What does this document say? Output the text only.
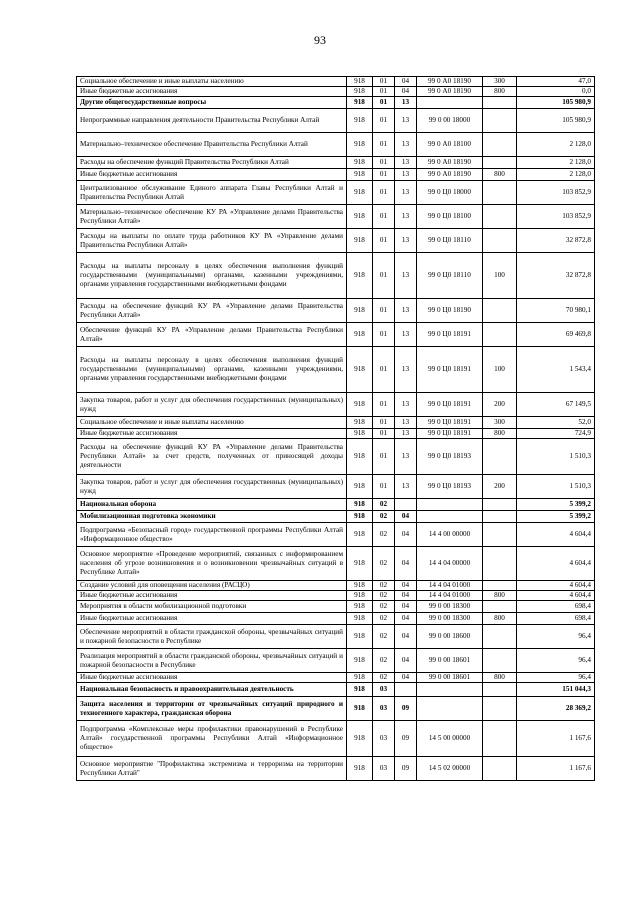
93
Социальное обеспечение и иные выплаты населению	918	01	04	99 0 А0 18190	300	47,0
Иные бюджетные ассигнования	918	01	04	99 0 А0 18190	800	0,0
Другие общегосударственные вопросы	918	01	13			105 980,9
Непрограммные направления деятельности Правительства Республики Алтай	918	01	13	99 0 00 18000		105 980,9
Материально–техническое обеспечение Правительства Республики Алтай	918	01	13	99 0 А0 18100		2 128,0
Расходы на обеспечение функций Правительства Республики Алтай	918	01	13	99 0 А0 18190		2 128,0
Иные бюджетные ассигнования	918	01	13	99 0 А0 18190	800	2 128,0
Централизованное обслуживание Единого аппарата Главы Республики Алтай и Правительства Республики Алтай	918	01	13	99 0 Ц0 18000		103 852,9
Материально–техническое обеспечение КУ РА «Управление делами Правительства Республики Алтай»	918	01	13	99 0 Ц0 18100		103 852,9
Расходы на выплаты по оплате труда работников КУ РА «Управление делами Правительства Республики Алтай»	918	01	13	99 0 Ц0 18110		32 872,8
Расходы на выплаты персоналу в целях обеспечения выполнения функций государственными (муниципальными) органами, казенными учреждениями, органами управления государственными внебюджетными фондами	918	01	13	99 0 Ц0 18110	100	32 872,8
Расходы на обеспечение функций КУ РА «Управление делами Правительства Республики Алтай»	918	01	13	99 0 Ц0 18190		70 980,1
Обеспечение функций КУ РА «Управление делами Правительства Республики Алтай»	918	01	13	99 0 Ц0 18191		69 469,8
Расходы на выплаты персоналу в целях обеспечения выполнения функций государственными (муниципальными) органами, казенными учреждениями, органами управления государственными внебюджетными фондами	918	01	13	99 0 Ц0 18191	100	1 543,4
Закупка товаров, работ и услуг для обеспечения государственных (муниципальных) нужд	918	01	13	99 0 Ц0 18191	200	67 149,5
Социальное обеспечение и иные выплаты населению	918	01	13	99 0 Ц0 18191	300	52,0
Иные бюджетные ассигнования	918	01	13	99 0 Ц0 18191	800	724,9
Расходы на обеспечение функций КУ РА «Управление делами Правительства Республики Алтай» за счет средств, полученных от приносящей доходы деятельности	918	01	13	99 0 Ц0 18193		1 510,3
Закупка товаров, работ и услуг для обеспечения государственных (муниципальных) нужд	918	01	13	99 0 Ц0 18193	200	1 510,3
Национальная оборона	918	02				5 399,2
Мобилизационная подготовка экономики	918	02	04			5 399,2
Подпрограмма «Безопасный город» государственной программы Республики Алтай «Информационное общество»	918	02	04	14 4 00 00000		4 604,4
Основное мероприятие «Проведение мероприятий, связанных с информированием населения об угрозе возникновения и о возникновении чрезвычайных ситуаций в Республике Алтай»	918	02	04	14 4 04 00000		4 604,4
Создание условий для оповещения населения (РАСЦО)	918	02	04	14 4 04 01000		4 604,4
Иные бюджетные ассигнования	918	02	04	14 4 04 01000	800	4 604,4
Мероприятия в области мобилизационной подготовки	918	02	04	99 0 00 18300		698,4
Иные бюджетные ассигнования	918	02	04	99 0 00 18300	800	698,4
Обеспечение мероприятий в области гражданской обороны, чрезвычайных ситуаций и пожарной безопасности в Республике	918	02	04	99 0 00 18600		96,4
Реализация мероприятий в области гражданской обороны, чрезвычайных ситуаций и пожарной безопасности в Республике	918	02	04	99 0 00 18601		96,4
Иные бюджетные ассигнования	918	02	04	99 0 00 18601	800	96,4
Национальная безопасность и правоохранительная деятельность	918	03				151 044,3
Защита населения и территории от чрезвычайных ситуаций природного и техногенного характера, гражданская оборона	918	03	09			28 369,2
Подпрограмма «Комплексные меры профилактики правонарушений в Республике Алтай» государственной программы Республики Алтай «Информационное общество»	918	03	09	14 5 00 00000		1 167,6
Основное мероприятие "Профилактика экстремизма и терроризма на территории Республики Алтай"	918	03	09	14 5 02 00000		1 167,6
